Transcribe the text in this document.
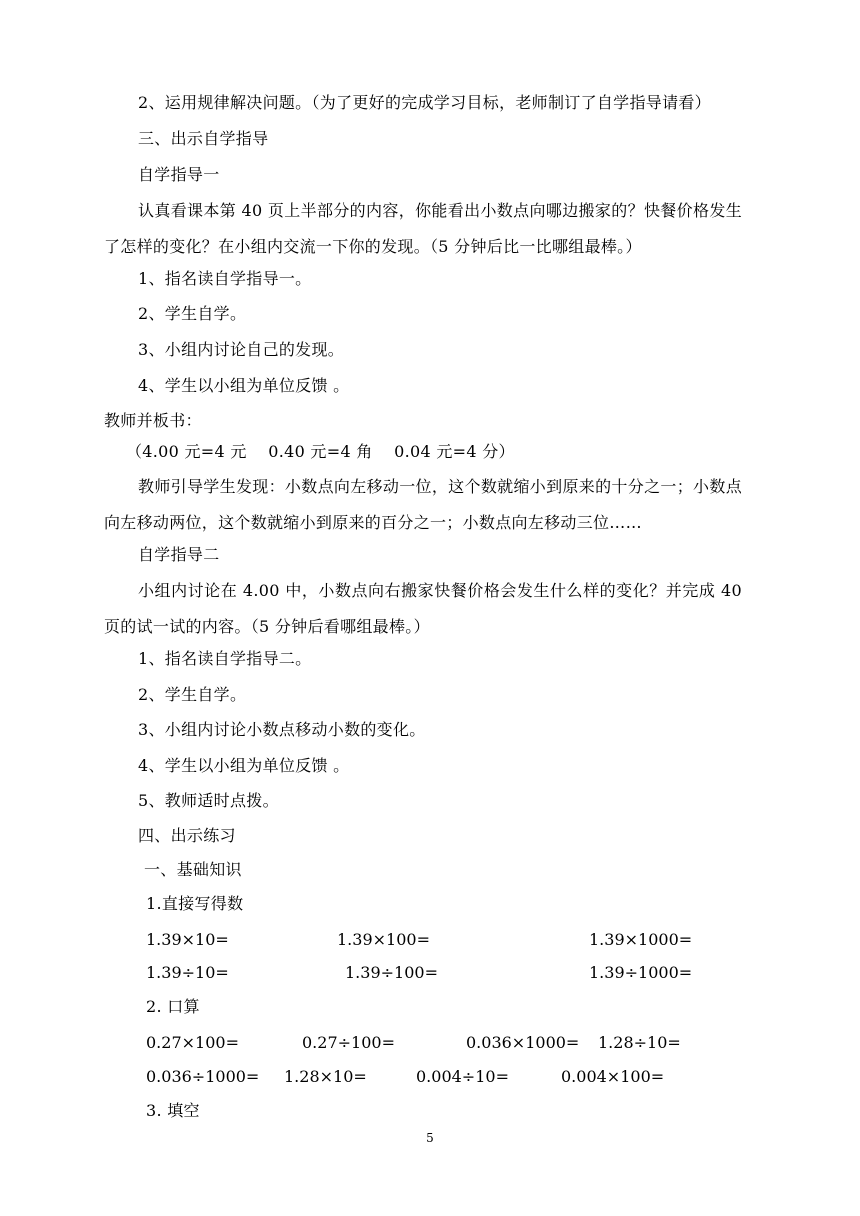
2、运用规律解决问题。（为了更好的完成学习目标，老师制订了自学指导请看）
三、出示自学指导
自学指导一
认真看课本第 40 页上半部分的内容，你能看出小数点向哪边搬家的？快餐价格发生了怎样的变化？在小组内交流一下你的发现。（5 分钟后比一比哪组最棒。）
1、指名读自学指导一。
2、学生自学。
3、小组内讨论自己的发现。
4、学生以小组为单位反馈 。
教师并板书：
（4.00 元=4 元    0.40 元=4 角    0.04 元=4 分）
教师引导学生发现：小数点向左移动一位，这个数就缩小到原来的十分之一；小数点向左移动两位，这个数就缩小到原来的百分之一；小数点向左移动三位……
自学指导二
小组内讨论在 4.00 中，小数点向右搬家快餐价格会发生什么样的变化？并完成 40 页的试一试的内容。（5 分钟后看哪组最棒。）
1、指名读自学指导二。
2、学生自学。
3、小组内讨论小数点移动小数的变化。
4、学生以小组为单位反馈 。
5、教师适时点拨。
四、出示练习
一、基础知识
1.直接写得数
1.39×10=	1.39×100=	1.39×1000=
1.39÷10=	1.39÷100=	1.39÷1000=
2. 口算
0.27×100=	0.27÷100=	0.036×1000= 1.28÷10=
0.036÷1000= 1.28×10=	0.004÷10=	0.004×100=
3. 填空
5
